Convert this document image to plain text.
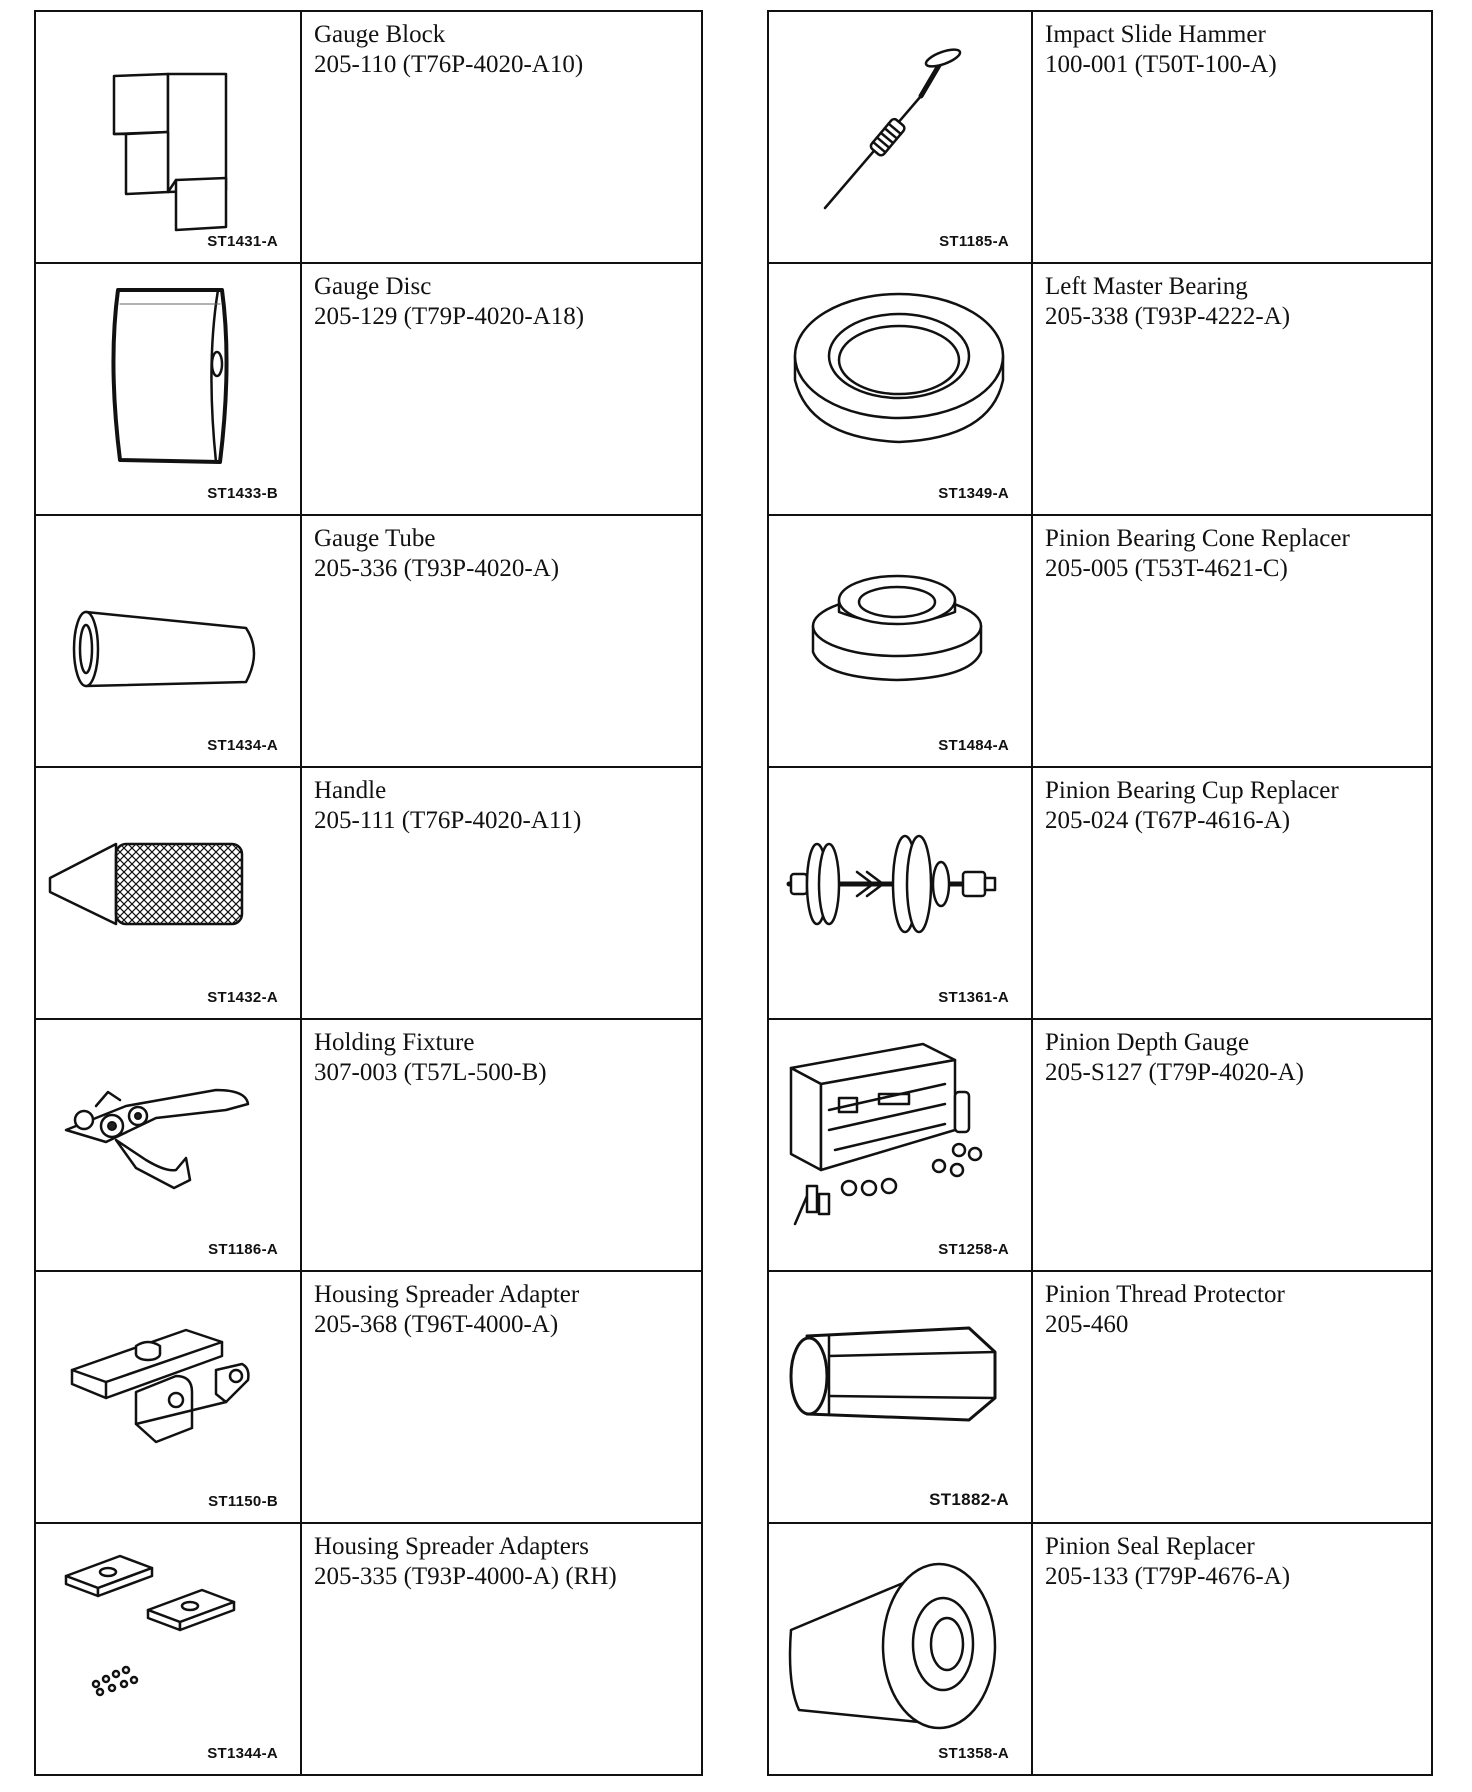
ST1431-A	Gauge Block
205-110 (T76P-4020-A10)

ST1433-B	Gauge Disc
205-129 (T79P-4020-A18)

ST1434-A	Gauge Tube
205-336 (T93P-4020-A)

ST1432-A	Handle
205-111 (T76P-4020-A11)

ST1186-A	Holding Fixture
307-003 (T57L-500-B)

ST1150-B	Housing Spreader Adapter
205-368 (T96T-4000-A)

ST1344-A	Housing Spreader Adapters
205-335 (T93P-4000-A) (RH)
ST1185-A	Impact Slide Hammer
100-001 (T50T-100-A)

ST1349-A	Left Master Bearing
205-338 (T93P-4222-A)

ST1484-A	Pinion Bearing Cone Replacer
205-005 (T53T-4621-C)

ST1361-A	Pinion Bearing Cup Replacer
205-024 (T67P-4616-A)

ST1258-A	Pinion Depth Gauge
205-S127 (T79P-4020-A)

ST1882-A	Pinion Thread Protector
205-460

ST1358-A	Pinion Seal Replacer
205-133 (T79P-4676-A)
